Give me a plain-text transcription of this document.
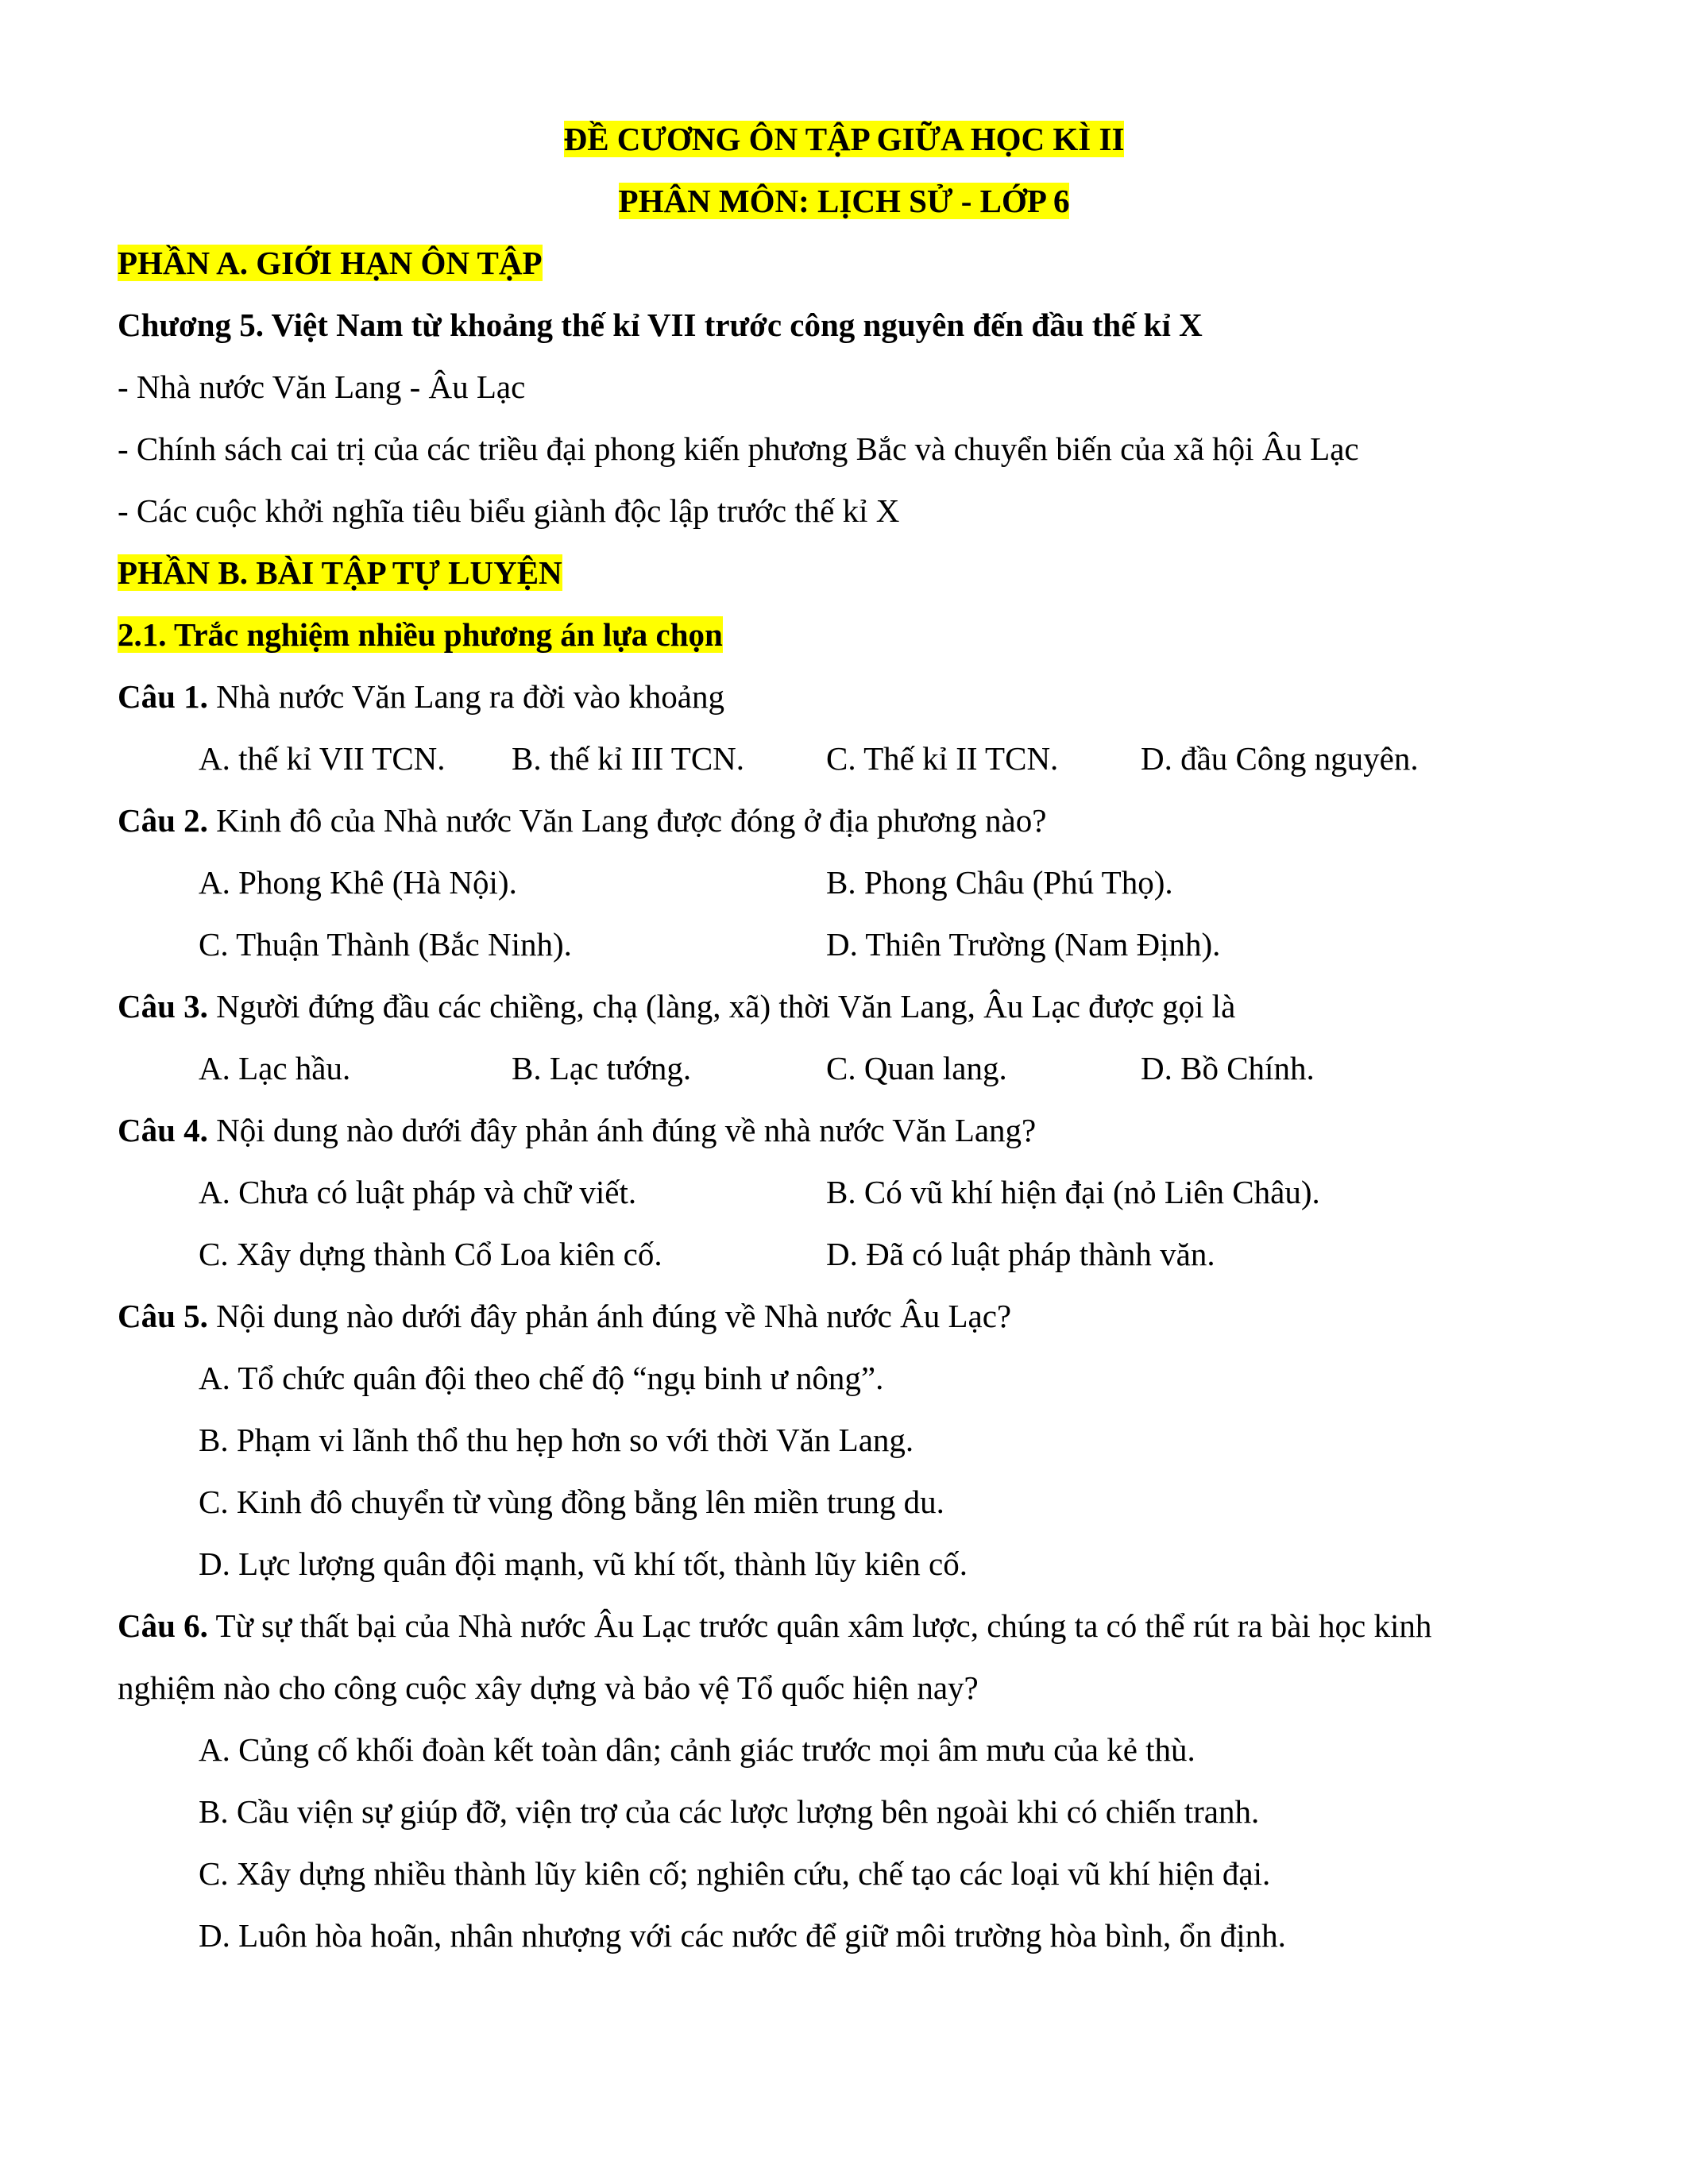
ĐỀ CƯƠNG ÔN TẬP GIỮA HỌC KÌ II
PHÂN MÔN: LỊCH SỬ - LỚP 6
PHẦN A. GIỚI HẠN ÔN TẬP
Chương 5. Việt Nam từ khoảng thế kỉ VII trước công nguyên đến đầu thế kỉ X
- Nhà nước Văn Lang - Âu Lạc
- Chính sách cai trị của các triều đại phong kiến phương Bắc và chuyển biến của xã hội Âu Lạc
- Các cuộc khởi nghĩa tiêu biểu giành độc lập trước thế kỉ X
PHẦN B. BÀI TẬP TỰ LUYỆN
2.1. Trắc nghiệm nhiều phương án lựa chọn
Câu 1. Nhà nước Văn Lang ra đời vào khoảng
A. thế kỉ VII TCN. B. thế kỉ III TCN.	C. Thế kỉ II TCN.	D. đầu Công nguyên.
Câu 2. Kinh đô của Nhà nước Văn Lang được đóng ở địa phương nào?
A. Phong Khê (Hà Nội).	B. Phong Châu (Phú Thọ).
C. Thuận Thành (Bắc Ninh).	D. Thiên Trường (Nam Định).
Câu 3. Người đứng đầu các chiềng, chạ (làng, xã) thời Văn Lang, Âu Lạc được gọi là
A. Lạc hầu.	B. Lạc tướng.	C. Quan lang.	D. Bồ Chính.
Câu 4. Nội dung nào dưới đây phản ánh đúng về nhà nước Văn Lang?
A. Chưa có luật pháp và chữ viết.	B. Có vũ khí hiện đại (nỏ Liên Châu).
C. Xây dựng thành Cổ Loa kiên cố.	D. Đã có luật pháp thành văn.
Câu 5. Nội dung nào dưới đây phản ánh đúng về Nhà nước Âu Lạc?
A. Tổ chức quân đội theo chế độ “ngụ binh ư nông”.
B. Phạm vi lãnh thổ thu hẹp hơn so với thời Văn Lang.
C. Kinh đô chuyển từ vùng đồng bằng lên miền trung du.
D. Lực lượng quân đội mạnh, vũ khí tốt, thành lũy kiên cố.
Câu 6. Từ sự thất bại của Nhà nước Âu Lạc trước quân xâm lược, chúng ta có thể rút ra bài học kinh
nghiệm nào cho công cuộc xây dựng và bảo vệ Tổ quốc hiện nay?
A. Củng cố khối đoàn kết toàn dân; cảnh giác trước mọi âm mưu của kẻ thù.
B. Cầu viện sự giúp đỡ, viện trợ của các lược lượng bên ngoài khi có chiến tranh.
C. Xây dựng nhiều thành lũy kiên cố; nghiên cứu, chế tạo các loại vũ khí hiện đại.
D. Luôn hòa hoãn, nhân nhượng với các nước để giữ môi trường hòa bình, ổn định.
